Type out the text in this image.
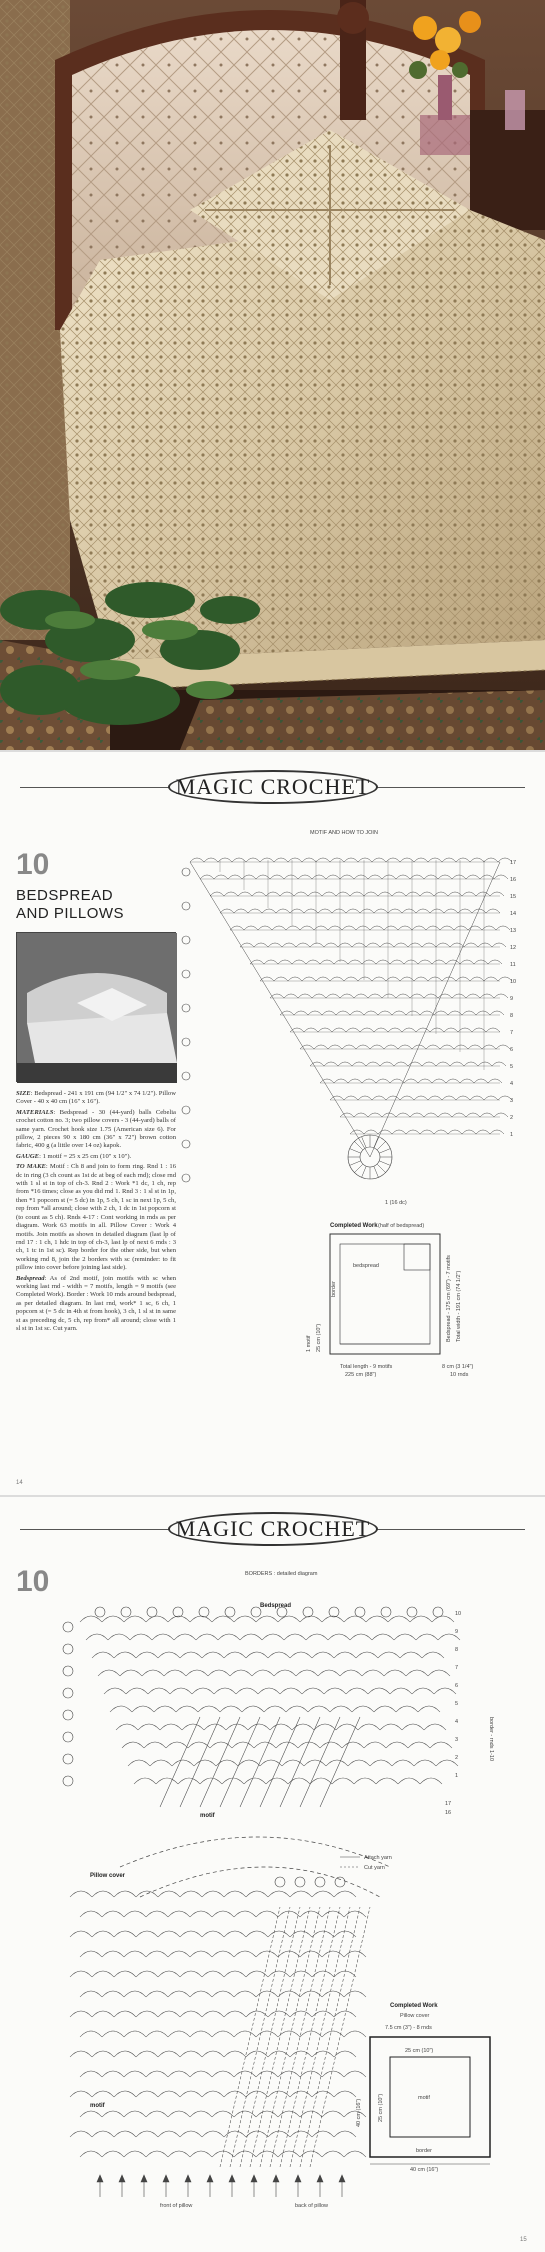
MAGIC CROCHET
10
BEDSPREAD
AND PILLOWS

SIZE: Bedspread - 241 x 191 cm (94 1/2" x 74 1/2"). Pillow Cover - 40 x 40 cm (16" x 16").

MATERIALS: Bedspread - 30 (44-yard) balls Cebelia crochet cotton no. 3; two pillow covers - 3 (44-yard) balls of same yarn. Crochet hook size 1.75 (American size 6). For pillow, 2 pieces 90 x 180 cm (36" x 72") brown cotton fabric, 400 g (a little over 14 oz) kapok.

GAUGE: 1 motif = 25 x 25 cm (10" x 10").

TO MAKE: Motif : Ch 8 and join to form ring. Rnd 1 : 16 dc in ring (3 ch count as 1st dc at beg of each rnd); close rnd with 1 sl st in top of ch-3. Rnd 2 : Work *1 dc, 1 ch, rep from *16 times; close as you did rnd 1. Rnd 3 : 1 sl st in 1p, then *1 popcorn st (= 5 dc) in 1p, 5 ch, 1 sc in next 1p, 5 ch, rep from *all around; close with 2 ch, 1 dc in 1st popcorn st (to count as 5 ch). Rnds 4-17 : Cont working in rnds as per diagram. Work 63 motifs in all. Pillow Cover : Work 4 motifs. Join motifs as shown in detailed diagram (last lp of rnd 17 : 1 ch, 1 hdc in top of ch-3, last lp of next 6 rnds : 3 ch, 1 tc in 1st sc). Rep border for the other side, but when working rnd 8, join the 2 borders with sc (reminder: to fit pillow into cover before joining last side).

Bedspread: As of 2nd motif, join motifs with sc when working last rnd - width = 7 motifs, length = 9 motifs (see Completed Work). Border : Work 10 rnds around bedspread, as per detailed diagram. In last rnd, work* 1 sc, 6 ch, 1 popcorn st (= 5 dc in 4th st from hook), 3 ch, 1 sl st in same st as preceding dc, 5 ch, rep from* all around; close with 1 sl st in 1st sc. Cut yarn.

MOTIF AND HOW TO JOIN
17
16
15
14
13
12
11
10
9
8
7
6
5
4
3
2
1
1 (16 dc)
Completed Work (half of bedspread)
bedspread
border	Bedspread - 175 cm (69") - 7 motifs Total width - 191 cm (74 1/2")
25 cm (10")
1 motif
Total length - 9 motifs
225 cm (88")
8 cm (3 1/4")
10 rnds
14
MAGIC CROCHET
10	BORDERS : detailed diagram
Bedspread
10
9
8
7
6
5
4
3
2
1
border - rnds 1-10
motif
17
16
Attach yarn
Cut yarn
Pillow cover
motif
front of pillow	back of pillow
Completed Work
Pillow cover
7.5 cm (3") - 8 rnds
motif
25 cm (10")
40 cm (16")	25 cm (10")
border
40 cm (16")
15
